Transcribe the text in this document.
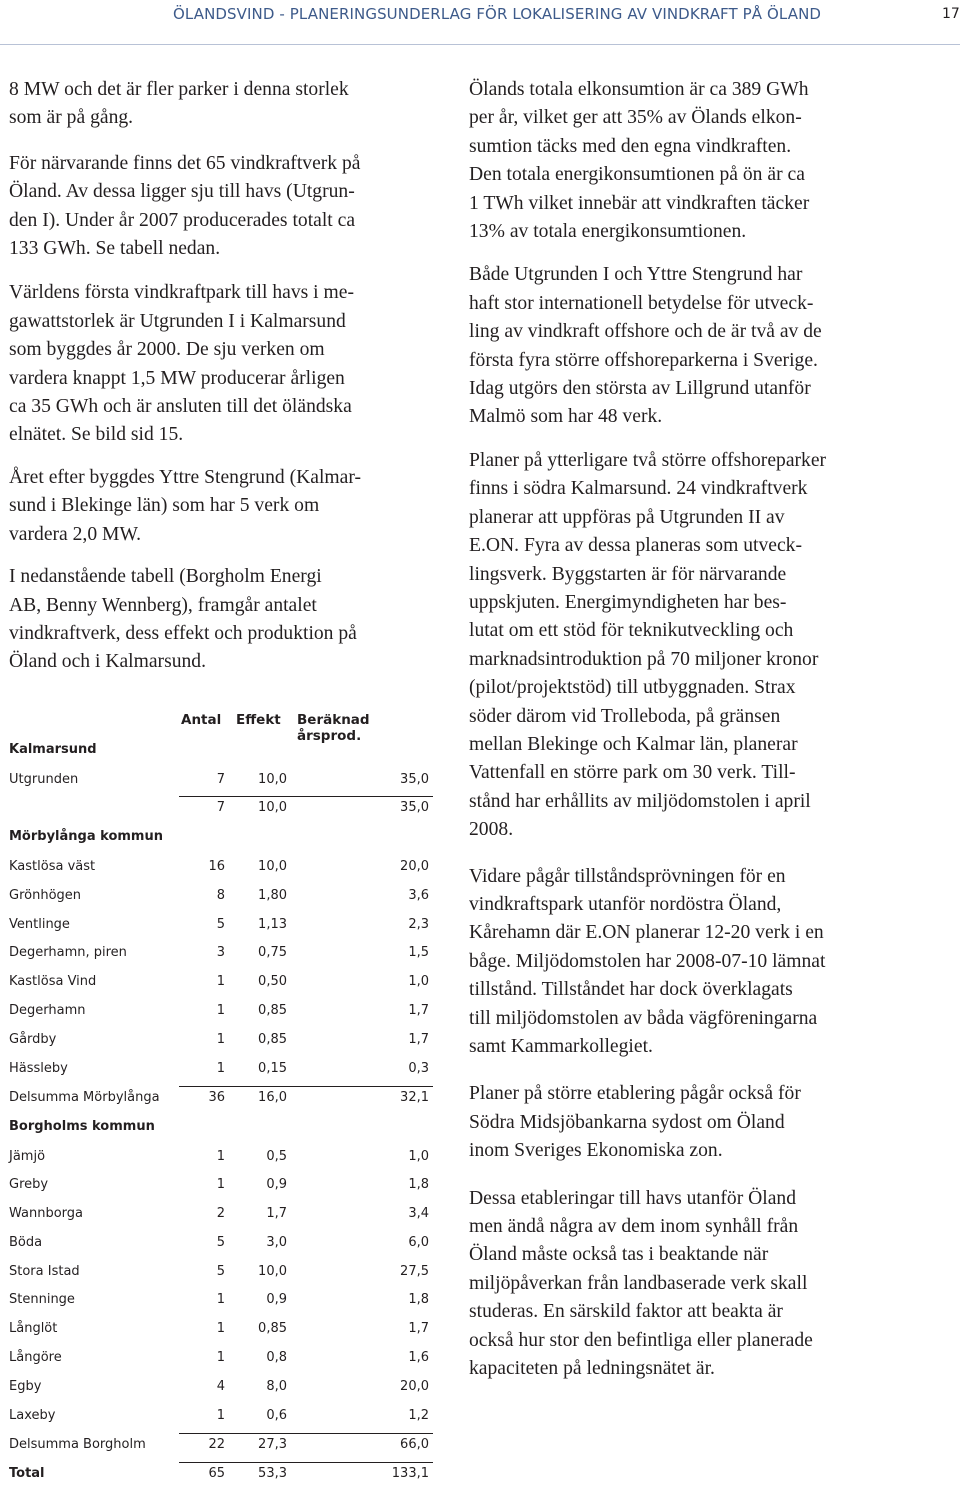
ÖLANDSVIND - PLANERINGSUNDERLAG FÖR LOKALISERING AV VINDKRAFT PÅ ÖLAND	17

8 MW och det är fler parker i denna storlek
som är på gång.

För närvarande finns det 65 vindkraftverk på
Öland. Av dessa ligger sju till havs (Utgrun-
den I). Under år 2007 producerades totalt ca
133 GWh. Se tabell nedan.

Världens första vindkraftpark till havs i me-
gawattstorlek är Utgrunden I i Kalmarsund
som byggdes år 2000. De sju verken om
vardera knappt 1,5 MW producerar årligen
ca 35 GWh och är ansluten till det öländska
elnätet. Se bild sid 15.

Året efter byggdes Yttre Stengrund (Kalmar-
sund i Blekinge län) som har 5 verk om
vardera 2,0 MW.

I nedanstående tabell (Borgholm Energi
AB, Benny Wennberg), framgår antalet
vindkraftverk, dess effekt och produktion på
Öland och i Kalmarsund.

Ölands totala elkonsumtion är ca 389 GWh
per år, vilket ger att 35% av Ölands elkon-
sumtion täcks med den egna vindkraften.
Den totala energikonsumtionen på ön är ca
1 TWh vilket innebär att vindkraften täcker
13% av totala energikonsumtionen.

Både Utgrunden I och Yttre Stengrund har
haft stor internationell betydelse för utveck-
ling av vindkraft offshore och de är två av de
första fyra större offshoreparkerna i Sverige.
Idag utgörs den största av Lillgrund utanför
Malmö som har 48 verk.

Planer på ytterligare två större offshoreparker
finns i södra Kalmarsund. 24 vindkraftverk
planerar att uppföras på Utgrunden II av
E.ON. Fyra av dessa planeras som utveck-
lingsverk. Byggstarten är för närvarande
uppskjuten. Energimyndigheten har bes-
lutat om ett stöd för teknikutveckling och
marknadsintroduktion på 70 miljoner kronor
(pilot/projektstöd) till utbyggnaden. Strax
söder därom vid Trolleboda, på gränsen
mellan Blekinge och Kalmar län, planerar
Vattenfall en större park om 30 verk. Till-
stånd har erhållits av miljödomstolen i april
2008.

Vidare pågår tillståndsprövningen för en
vindkraftspark utanför nordöstra Öland,
Kårehamn där E.ON planerar 12-20 verk i en
båge. Miljödomstolen har 2008-07-10 lämnat
tillstånd. Tillståndet har dock överklagats
till miljödomstolen av båda vägföreningarna
samt Kammarkollegiet.

Planer på större etablering pågår också för
Södra Midsjöbankarna sydost om Öland
inom Sveriges Ekonomiska zon.

Dessa etableringar till havs utanför Öland
men ändå några av dem inom synhåll från
Öland måste också tas i beaktande när
miljöpåverkan från landbaserade verk skall
studeras. En särskild faktor att beakta är
också hur stor den befintliga eller planerade
kapaciteten på ledningsnätet är.

Antal Effekt Beräknad årsprod.
Kalmarsund
Utgrunden	7	10,0	35,0
7	10,0	35,0
Mörbylånga kommun
Kastlösa väst	16	10,0	20,0
Grönhögen	8	1,80	3,6
Ventlinge	5	1,13	2,3
Degerhamn, piren	3	0,75	1,5
Kastlösa Vind	1	0,50	1,0
Degerhamn	1	0,85	1,7
Gårdby	1	0,85	1,7
Hässleby	1	0,15	0,3
Delsumma Mörbylånga	36	16,0	32,1
Borgholms kommun
Jämjö	1	0,5	1,0
Greby	1	0,9	1,8
Wannborga	2	1,7	3,4
Böda	5	3,0	6,0
Stora Istad	5	10,0	27,5
Stenninge	1	0,9	1,8
Långlöt	1	0,85	1,7
Långöre	1	0,8	1,6
Egby	4	8,0	20,0
Laxeby	1	0,6	1,2
Delsumma Borgholm	22	27,3	66,0
Total	65	53,3	133,1
